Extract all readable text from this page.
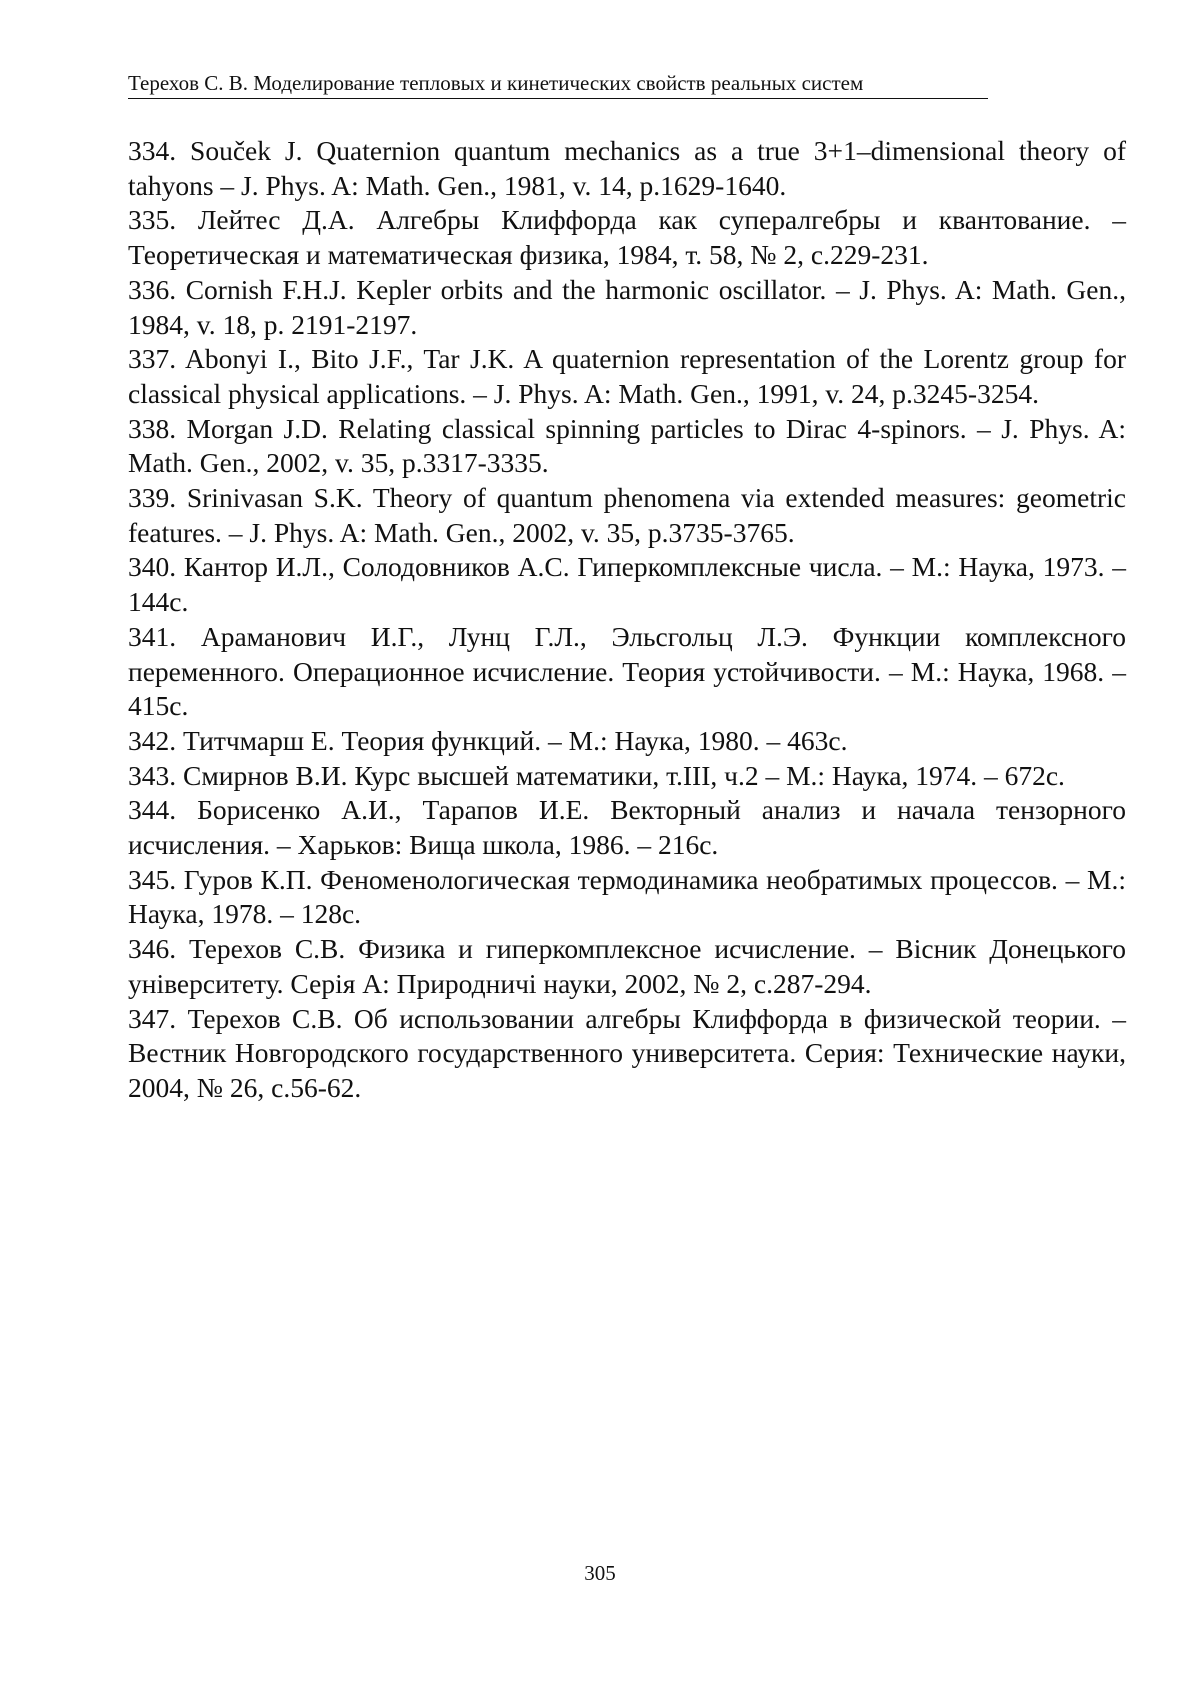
Терехов С. В. Моделирование тепловых и кинетических свойств реальных систем
334. Souček J. Quaternion quantum mechanics as a true 3+1–dimensional theory of tahyons – J. Phys. A: Math. Gen., 1981, v. 14, p.1629-1640.
335. Лейтес Д.А. Алгебры Клиффорда как супералгебры и квантование. – Теоретическая и математическая физика, 1984, т. 58, № 2, с.229-231.
336. Cornish F.H.J. Kepler orbits and the harmonic oscillator. – J. Phys. A: Math. Gen., 1984, v. 18, p. 2191-2197.
337. Abonyi I., Bito J.F., Tar J.K. A quaternion representation of the Lorentz group for classical physical applications. – J. Phys. A: Math. Gen., 1991, v. 24, p.3245-3254.
338. Morgan J.D. Relating classical spinning particles to Dirac 4-spinors. – J. Phys. A: Math. Gen., 2002, v. 35, p.3317-3335.
339. Srinivasan S.K. Theory of quantum phenomena via extended measures: geometric features. – J. Phys. A: Math. Gen., 2002, v. 35, p.3735-3765.
340. Кантор И.Л., Солодовников А.С. Гиперкомплексные числа. – М.: Наука, 1973. – 144с.
341. Араманович И.Г., Лунц Г.Л., Эльсгольц Л.Э. Функции комплексного переменного. Операционное исчисление. Теория устойчивости. – М.: Наука, 1968. – 415с.
342. Титчмарш Е. Теория функций. – М.: Наука, 1980. – 463с.
343. Смирнов В.И. Курс высшей математики, т.III, ч.2 – М.: Наука, 1974. – 672с.
344. Борисенко А.И., Тарапов И.Е. Векторный анализ и начала тензорного исчисления. – Харьков: Вища школа, 1986. – 216с.
345. Гуров К.П. Феноменологическая термодинамика необратимых процессов. – М.: Наука, 1978. – 128с.
346. Терехов С.В. Физика и гиперкомплексное исчисление. – Вісник Донецького університету. Серія А: Природничі науки, 2002, № 2, с.287-294.
347. Терехов С.В. Об использовании алгебры Клиффорда в физической теории. – Вестник Новгородского государственного университета. Серия: Технические науки, 2004, № 26, с.56-62.
305
